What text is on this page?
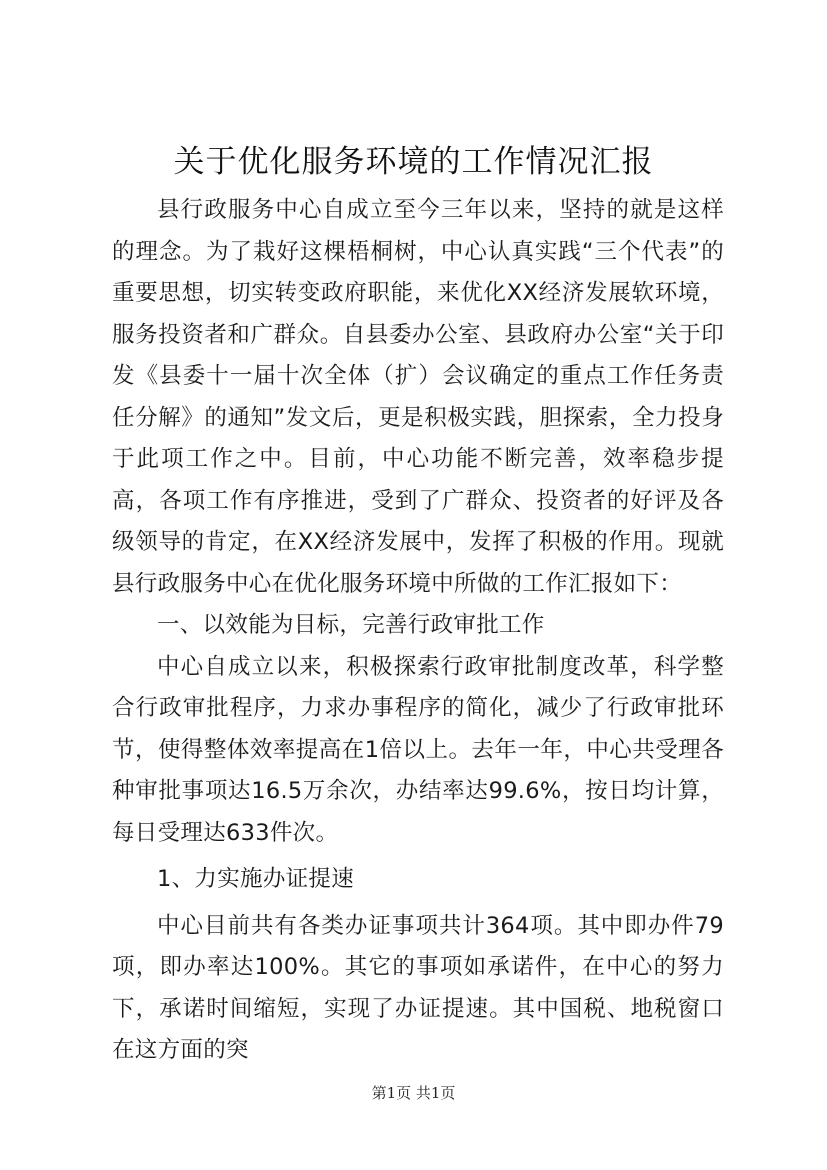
关于优化服务环境的工作情况汇报

县行政服务中心自成立至今三年以来，坚持的就是这样的理念。为了栽好这棵梧桐树，中心认真实践“三个代表”的重要思想，切实转变政府职能，来优化XX经济发展软环境，服务投资者和广群众。自县委办公室、县政府办公室“关于印发《县委十一届十次全体（扩）会议确定的重点工作任务责任分解》的通知”发文后，更是积极实践，胆探索，全力投身于此项工作之中。目前，中心功能不断完善，效率稳步提高，各项工作有序推进，受到了广群众、投资者的好评及各级领导的肯定，在XX经济发展中，发挥了积极的作用。现就县行政服务中心在优化服务环境中所做的工作汇报如下：

一、以效能为目标，完善行政审批工作

中心自成立以来，积极探索行政审批制度改革，科学整合行政审批程序，力求办事程序的简化，减少了行政审批环节，使得整体效率提高在1倍以上。去年一年，中心共受理各种审批事项达16.5万余次，办结率达99.6%，按日均计算，每日受理达633件次。

1、力实施办证提速

中心目前共有各类办证事项共计364项。其中即办件79项，即办率达100%。其它的事项如承诺件，在中心的努力下，承诺时间缩短，实现了办证提速。其中国税、地税窗口在这方面的突

第1页 共1页
